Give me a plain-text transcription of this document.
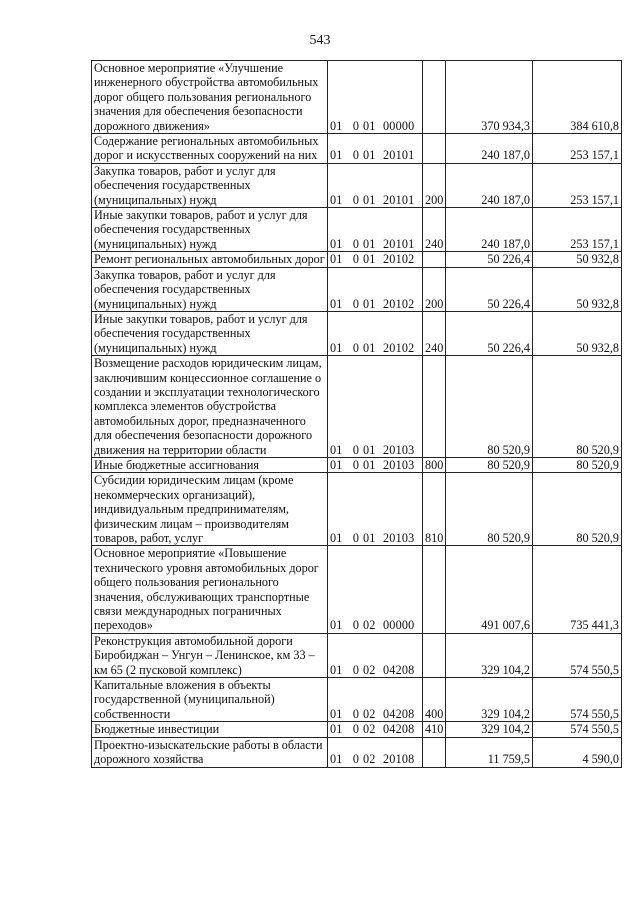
543
Основное мероприятие «Улучшение инженерного обустройства автомобильных дорог общего пользования регионального значения для обеспечения безопасности дорожного движения»	01 0 01 00000		370 934,3	384 610,8
Содержание региональных автомобильных дорог и искусственных сооружений на них	01 0 01 20101		240 187,0	253 157,1
Закупка товаров, работ и услуг для обеспечения государственных (муниципальных) нужд	01 0 01 20101	200	240 187,0	253 157,1
Иные закупки товаров, работ и услуг для обеспечения государственных (муниципальных) нужд	01 0 01 20101	240	240 187,0	253 157,1
Ремонт региональных автомобильных дорог	01 0 01 20102		50 226,4	50 932,8
Закупка товаров, работ и услуг для обеспечения государственных (муниципальных) нужд	01 0 01 20102	200	50 226,4	50 932,8
Иные закупки товаров, работ и услуг для обеспечения государственных (муниципальных) нужд	01 0 01 20102	240	50 226,4	50 932,8
Возмещение расходов юридическим лицам, заключившим концессионное соглашение о создании и эксплуатации технологического комплекса элементов обустройства автомобильных дорог, предназначенного для обеспечения безопасности дорожного движения на территории области	01 0 01 20103		80 520,9	80 520,9
Иные бюджетные ассигнования	01 0 01 20103	800	80 520,9	80 520,9
Субсидии юридическим лицам (кроме некоммерческих организаций), индивидуальным предпринимателям, физическим лицам – производителям товаров, работ, услуг	01 0 01 20103	810	80 520,9	80 520,9
Основное мероприятие «Повышение технического уровня автомобильных дорог общего пользования регионального значения, обслуживающих транспортные связи международных пограничных переходов»	01 0 02 00000		491 007,6	735 441,3
Реконструкция автомобильной дороги Биробиджан – Унгун – Ленинское, км 33 – км 65 (2 пусковой комплекс)	01 0 02 04208		329 104,2	574 550,5
Капитальные вложения в объекты государственной (муниципальной) собственности	01 0 02 04208	400	329 104,2	574 550,5
Бюджетные инвестиции	01 0 02 04208	410	329 104,2	574 550,5
Проектно-изыскательские работы в области дорожного хозяйства	01 0 02 20108		11 759,5	4 590,0
